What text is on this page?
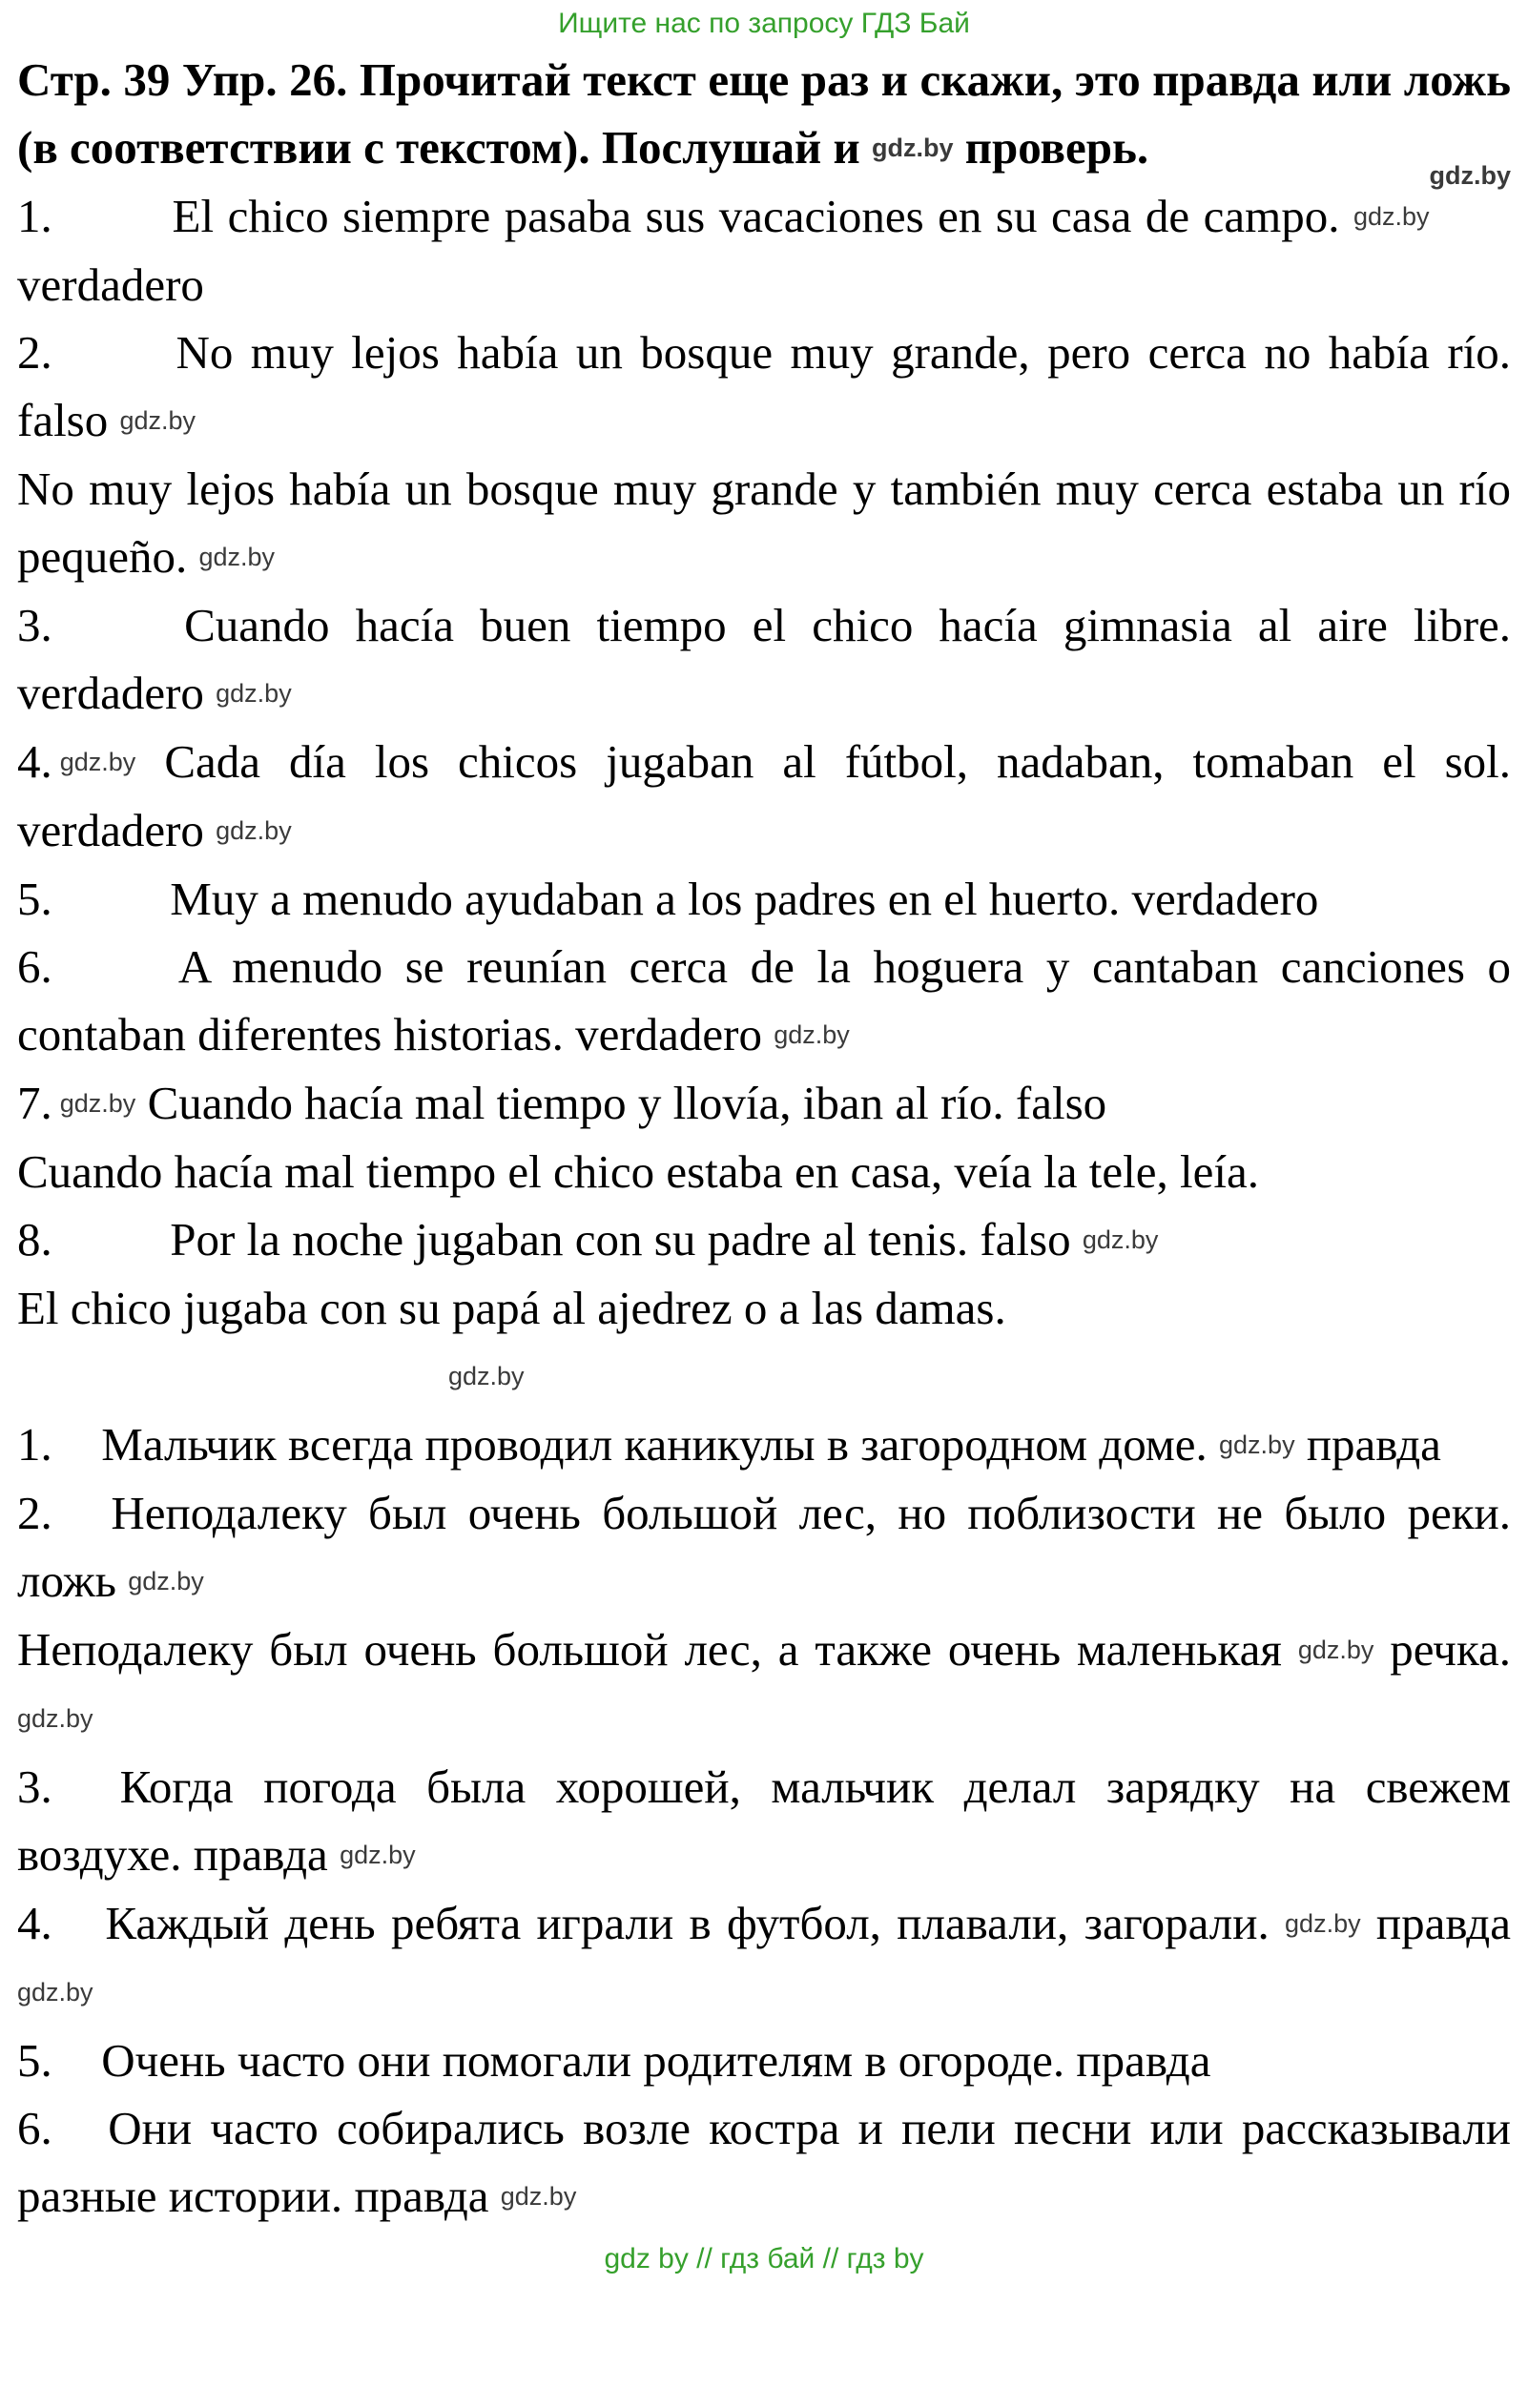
Ищите нас по запросу ГДЗ Бай

Стр. 39 Упр. 26. Прочитай текст еще раз и скажи, это правда или ложь (в соответствии с текстом). Послушай и gdz.by проверь.
gdz.by

1.	El chico siempre pasaba sus vacaciones en su casa de campo. gdz.by verdadero

2.	No muy lejos había un bosque muy grande, pero cerca no había río. falso gdz.by

No muy lejos había un bosque muy grande y también muy cerca estaba un río pequeño. gdz.by

3.	Cuando hacía buen tiempo el chico hacía gimnasia al aire libre. verdadero gdz.by

4. gdz.by Cada día los chicos jugaban al fútbol, nadaban, tomaban el sol. verdadero gdz.by

5.	Muy a menudo ayudaban a los padres en el huerto. verdadero

6.	A menudo se reunían cerca de la hoguera y cantaban canciones o contaban diferentes historias. verdadero gdz.by

7. gdz.by Cuando hacía mal tiempo y llovía, iban al río. falso

Cuando hacía mal tiempo el chico estaba en casa, veía la tele, leía.

8.	Por la noche jugaban con su padre al tenis. falso gdz.by

El chico jugaba con su papá al ajedrez o a las damas.

gdz.by

1. Мальчик всегда проводил каникулы в загородном доме. gdz.by правда

2. Неподалеку был очень большой лес, но поблизости не было реки. ложь gdz.by

Неподалеку был очень большой лес, а также очень маленькая gdz.by речка. gdz.by

3. Когда погода была хорошей, мальчик делал зарядку на свежем воздухе. правда gdz.by

4. Каждый день ребята играли в футбол, плавали, загорали. gdz.by правда gdz.by

5. Очень часто они помогали родителям в огороде. правда

6. Они часто собирались возле костра и пели песни или рассказывали разные истории. правда gdz.by

gdz by // гдз бай // гдз by
